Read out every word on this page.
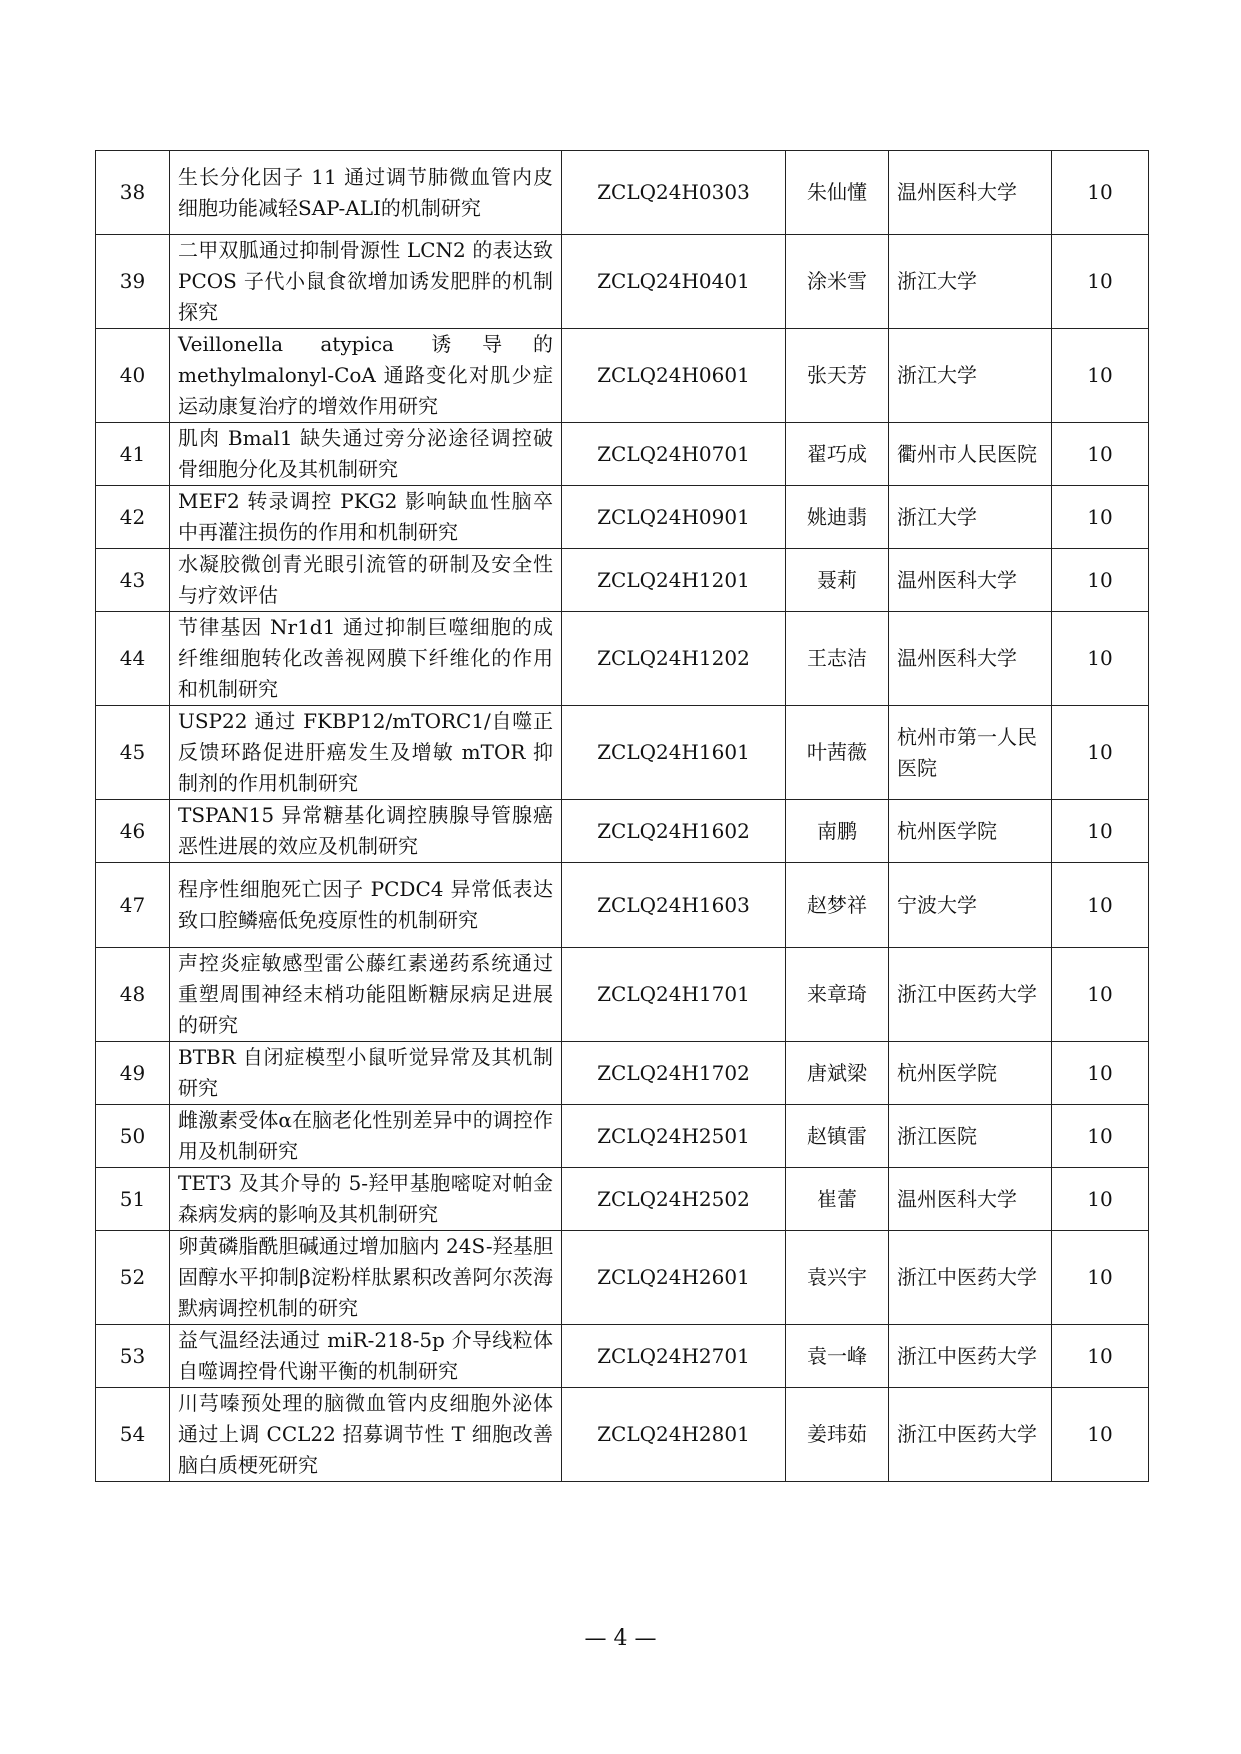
38	生长分化因子 11 通过调节肺微血管内皮细胞功能减轻SAP-ALI的机制研究	ZCLQ24H0303	朱仙懂	温州医科大学	10
39	二甲双胍通过抑制骨源性 LCN2 的表达致 PCOS 子代小鼠食欲增加诱发肥胖的机制探究	ZCLQ24H0401	涂米雪	浙江大学	10
40	Veillonella atypica 诱导的 methylmalonyl-CoA 通路变化对肌少症运动康复治疗的增效作用研究	ZCLQ24H0601	张天芳	浙江大学	10
41	肌肉 Bmal1 缺失通过旁分泌途径调控破骨细胞分化及其机制研究	ZCLQ24H0701	翟巧成	衢州市人民医院	10
42	MEF2 转录调控 PKG2 影响缺血性脑卒中再灌注损伤的作用和机制研究	ZCLQ24H0901	姚迪翡	浙江大学	10
43	水凝胶微创青光眼引流管的研制及安全性与疗效评估	ZCLQ24H1201	聂莉	温州医科大学	10
44	节律基因 Nr1d1 通过抑制巨噬细胞的成纤维细胞转化改善视网膜下纤维化的作用和机制研究	ZCLQ24H1202	王志洁	温州医科大学	10
45	USP22 通过 FKBP12/mTORC1/自噬正反馈环路促进肝癌发生及增敏 mTOR 抑制剂的作用机制研究	ZCLQ24H1601	叶茜薇	杭州市第一人民医院	10
46	TSPAN15 异常糖基化调控胰腺导管腺癌恶性进展的效应及机制研究	ZCLQ24H1602	南鹏	杭州医学院	10
47	程序性细胞死亡因子 PCDC4 异常低表达致口腔鳞癌低免疫原性的机制研究	ZCLQ24H1603	赵梦祥	宁波大学	10
48	声控炎症敏感型雷公藤红素递药系统通过重塑周围神经末梢功能阻断糖尿病足进展的研究	ZCLQ24H1701	来章琦	浙江中医药大学	10
49	BTBR 自闭症模型小鼠听觉异常及其机制研究	ZCLQ24H1702	唐斌梁	杭州医学院	10
50	雌激素受体α在脑老化性别差异中的调控作用及机制研究	ZCLQ24H2501	赵镇雷	浙江医院	10
51	TET3 及其介导的 5-羟甲基胞嘧啶对帕金森病发病的影响及其机制研究	ZCLQ24H2502	崔蕾	温州医科大学	10
52	卵黄磷脂酰胆碱通过增加脑内 24S-羟基胆固醇水平抑制β淀粉样肽累积改善阿尔茨海默病调控机制的研究	ZCLQ24H2601	袁兴宇	浙江中医药大学	10
53	益气温经法通过 miR-218-5p 介导线粒体自噬调控骨代谢平衡的机制研究	ZCLQ24H2701	袁一峰	浙江中医药大学	10
54	川芎嗪预处理的脑微血管内皮细胞外泌体通过上调 CCL22 招募调节性 T 细胞改善脑白质梗死研究	ZCLQ24H2801	姜玮茹	浙江中医药大学	10
— 4 —
